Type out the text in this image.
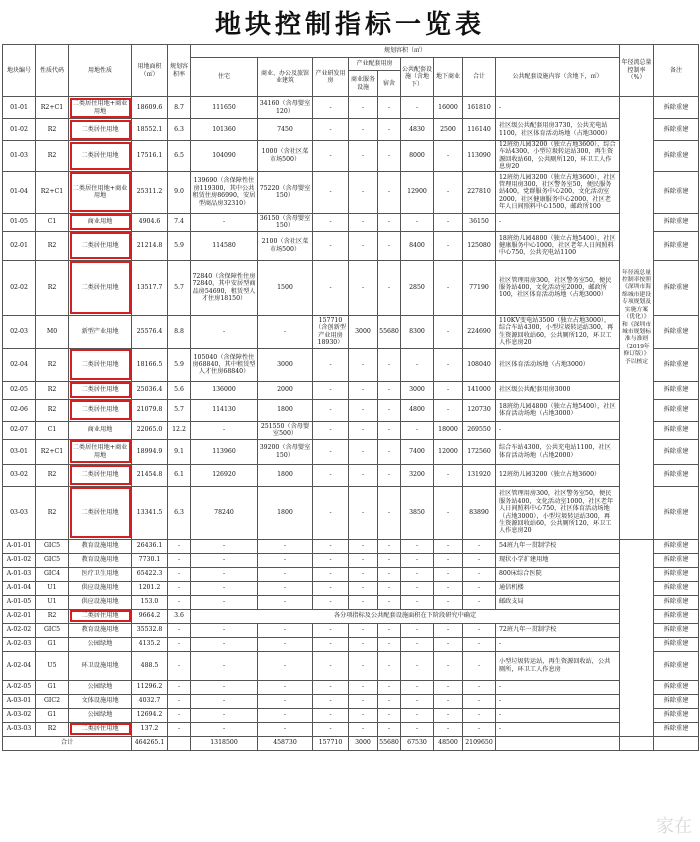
地块控制指标一览表
地块编号	性质代码	用地性质	用地面积（㎡）	规划容积率	规划容积（㎡）									年径流总量控制率（%）	备注
					住宅	商业、办公及旅馆业建筑	产业研发用房	产业配套用房		公共配套设施（含地下）	地下商业	合计	公共配套设施内容（含地下，㎡）		
								商业服务设施	宿舍						
01-01	R2+C1	二类居住用地+商业用地	18609.6	8.7	111650	34160（含母婴室120）	-	-	-	-	16000	161810	-	年径流总量控制率按照《深圳市海绵城市建设专项规划及实施方案（优化）》和《深圳市城市规划标准与准则（2019年修订版）》予以核定	拆除重建
01-02	R2	二类居住用地	18552.1	6.3	101360	7450	-	-	-	4830	2500	116140	社区级公共配套用房3730，公共充电站1100，社区体育活动场地（占地3000）		拆除重建
01-03	R2	二类居住用地	17516.1	6.5	104090	1000（含社区菜市场500）	-	-	-	8000	-	113090	12班幼儿园3200（独立占地3600），综合车站4300，小型垃圾转运站300，再生资源回收站60，公共厕所120，环卫工人作息房20		拆除重建
01-04	R2+C1	二类居住用地+商业用地	25311.2	9.0	139690（含保障性住房119300，其中公共租赁住房86990，安居型商品房32310）	75220（含母婴室150）	-	-	-	12900	-	227810	12班幼儿园3200（独立占地3600），社区管理用房300，社区警务室50，便民服务站400，党群服务中心200，文化活动室2000，社区健康服务中心2000，社区老年人日间照料中心1500，邮政所100		拆除重建
01-05	C1	商业用地	4904.6	7.4	-	36150（含母婴室150）	-	-	-	-	-	36150	-		拆除重建
02-01	R2	二类居住用地	21214.8	5.9	114580	2100（含社区菜市场500）	-	-	-	8400	-	125080	18班幼儿园4800（独立占地5400），社区健康服务中心1000，社区老年人日间照料中心750，公共充电站1100		拆除重建
02-02	R2	二类居住用地	13517.7	5.7	72840（含保障性住房72840，其中安居型商品房54690，租赁型人才住房18150）	1500	-	-	-	2850	-	77190	社区管理用房300，社区警务室50，便民服务站400，文化活动室2000，邮政所100，社区体育活动场地（占地3000）		拆除重建
02-03	M0	新型产业用地	25576.4	8.8	-	-	157710（含创新型产业用房18930）	3000	55680	8300	-	224690	110KV变电站3500（独立占地3000），综合车站4300，小型垃圾转运站300，再生资源回收站60，公共厕所120，环卫工人作息房20		拆除重建
02-04	R2	二类居住用地	18166.5	5.9	105040（含保障性住房68840，其中租赁型人才住房68840）	3000	-	-	-	-	-	108040	社区体育活动场地（占地3000）		拆除重建
02-05	R2	二类居住用地	25036.4	5.6	136000	2000	-	-	-	3000	-	141000	社区级公共配套用房3000		拆除重建
02-06	R2	二类居住用地	21079.8	5.7	114130	1800	-	-	-	4800	-	120730	18班幼儿园4800（独立占地5400），社区体育活动场地（占地3000）		拆除重建
02-07	C1	商业用地	22065.0	12.2	-	251550（含母婴室500）	-	-	-	-	18000	269550	-		拆除重建
03-01	R2+C1	二类居住用地+商业用地	18994.9	9.1	113960	39200（含母婴室150）	-	-	-	7400	12000	172560	综合车站4300，公共充电站1100，社区体育活动场地（占地2000）		拆除重建
03-02	R2	二类居住用地	21454.8	6.1	126920	1800	-	-	-	3200	-	131920	12班幼儿园3200（独立占地3600）		拆除重建
03-03	R2	二类居住用地	13341.5	6.3	78240	1800	-	-	-	3850	-	83890	社区管理用房300，社区警务室50，便民服务站400，文化活动室1000，社区老年人日间照料中心750，社区体育活动场地（占地3000），小型垃圾转运站300，再生资源回收站60，公共厕所120，环卫工人作息房20		拆除重建
A-01-01	GIC5	教育设施用地	26436.1	-	-	-	-	-	-	-	-	-	54班九年一贯制学校		拆除重建
A-01-02	GIC5	教育设施用地	7730.1	-	-	-	-	-	-	-	-	-	现状小学扩建用地		拆除重建
A-01-03	GIC4	医疗卫生用地	65422.3	-	-	-	-	-	-	-	-	-	800床综合医院		拆除重建
A-01-04	U1	供应设施用地	1201.2	-	-	-	-	-	-	-	-	-	通信机楼		拆除重建
A-01-05	U1	供应设施用地	153.0	-	-	-	-	-	-	-	-	-	邮政支局		拆除重建
A-02-01	R2	二类居住用地	9664.2	3.6	各分项指标及公共配套设施面积在下阶段研究中确定										拆除重建
A-02-02	GIC5	教育设施用地	35532.8	-	-	-	-	-	-	-	-	-	72班九年一贯制学校		拆除重建
A-02-03	G1	公园绿地	4135.2	-	-	-	-	-	-	-	-	-	-		拆除重建
A-02-04	U5	环卫设施用地	488.5	-	-	-	-	-	-	-	-	-	小型垃圾转运站，再生资源回收站，公共厕所，环卫工人作息房		拆除重建
A-02-05	G1	公园绿地	11296.2	-	-	-	-	-	-	-	-	-	-		拆除重建
A-03-01	GIC2	文体设施用地	4032.7	-	-	-	-	-	-	-	-	-	-		拆除重建
A-03-02	G1	公园绿地	12694.2	-	-	-	-	-	-	-	-	-	-		拆除重建
A-03-03	R2	二类居住用地	137.2	-	-	-	-	-	-	-	-	-	-		拆除重建
合计			464265.1		1318500	458730	157710	3000	55680	67530	48500	2109650			
家在
